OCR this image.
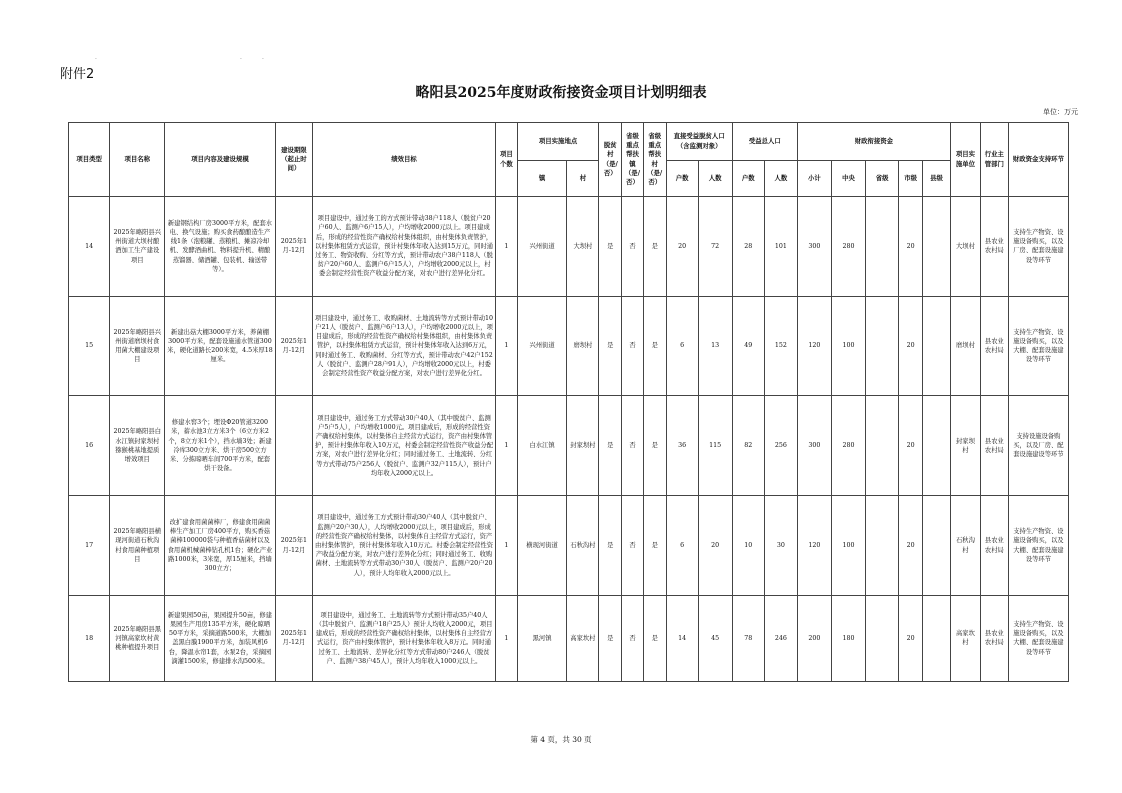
·	·	·
附件2
略阳县2025年度财政衔接资金项目计划明细表
单位：万元
项目类型	项目名称	项目内容及建设规模	建设期限（起止时间）	绩效目标	项目个数	项目实施地点		脱贫村（是/否）	省级重点帮扶镇（是/否）	省级重点帮扶村（是/否）	直接受益脱贫人口（含监测对象）		受益总人口		财政衔接资金					项目实施单位	行业主管部门	财政资金支持环节
						镇	村				户数	人数	户数	人数	小计	中央	省级	市级	县级			
14	2025年略阳县兴州街道大坝村酿酒加工生产建设项目	新建钢结构厂房3000平方米，配套水电、换气设施；购买食药酿酿造生产线1条（泡粮罐、蒸粮机、摊凉冷却机、发酵酒曲机、物料提升机、精酿蒸馏器、储酒罐、包装机、输送带等）。	2025年1月-12月	项目建设中，通过务工的方式预计带动38户118人（脱贫户20户60人、监测户6户15人），户均增收2000元以上。项目建成后，形成的经营性资产确权给村集体组织，由村集体负责管护，以村集体租赁方式运营，预计村集体年收入达到15万元，同时通过务工、物资收购、分红等方式，预计带动农户38户118人（脱贫户20户60人、监测户6户15人），户均增收2000元以上，村委会制定经营性资产收益分配方案，对农户进行差异化分红。	1	兴州街道	大坝村	是	否	是	20	72	28	101	300	280		20		大坝村	县农业农村局	支持生产物资、设施设备购买，以及厂房、配套设施建设等环节
15	2025年略阳县兴州街道磨坝村食用菌大棚建设项目	新建出菇大棚3000平方米，养菌棚3000平方米，配套设施通水管道300米，硬化道路长200米宽，4.5米厚18厘米。	2025年1月-12月	项目建设中，通过务工、收购菌材、土地流转等方式预计带动10户21人（脱贫户、监测户6户13人），户均增收2000元以上，项目建成后，形成的经营性资产确权给村集体组织，由村集体负责管护，以村集体租赁方式运营，预计村集体年收入达到6万元，同时通过务工、收购菌材、分红等方式，预计带动农户42户152人（脱贫户、监测户28户91人），户均增收2000元以上，村委会制定经营性资产收益分配方案，对农户进行差异化分红。	1	兴州街道	磨坝村	是	否	是	6	13	49	152	120	100		20		磨坝村	县农业农村局	支持生产物资、设施设备购买，以及大棚、配套设施建设等环节
16	2025年略阳县白水江镇封家坝村猕猴桃基地提质增效项目	修建水窖3个；埋设Φ20管道3200米，蓄水池3立方米3个（6立方米2个，8立方米1个），挡水墙3处；新建冷库300立方米、烘干房500立方米、分拣晾晒车间700平方米，配套烘干设备。		项目建设中，通过务工方式带动30户40人（其中脱贫户、监测户5户5人），户均增收1000元。项目建成后，形成的经营性资产确权给村集体，以村集体自主经营方式运行，资产由村集体管护，预计村集体年收入10万元，村委会制定经营性资产收益分配方案，对农户进行差异化分红；同时通过务工、土地流转、分红等方式带动75户256人（脱贫户、监测户32户115人），预计户均年收入2000元以上。	1	白水江镇	封家坝村	是	否	是	36	115	82	256	300	280		20		封家坝村	县农业农村局	支持设施设备购买，以及厂房、配套设施建设等环节
17	2025年略阳县横现河街道石秋沟村食用菌种植项目	改扩建食用菌菌棒厂，修建食用菌菌棒生产加工厂房400平方，购买香菇菌棒100000袋与种植香菇菌材以及食用菌机械菌棒钻孔机1台；硬化产业路1000米，3米宽，厚15厘米，挡墙300立方；	2025年1月-12月	项目建设中，通过务工方式预计带动30户40人（其中脱贫户、监测户20户30人），人均增收2000元以上，项目建成后，形成的经营性资产确权给村集体，以村集体自主经营方式运行，资产由村集体管护，预计村集体年收入10万元。村委会制定经营性资产收益分配方案，对农户进行差异化分红；同时通过务工、收购菌材、土地流转等方式带动30户30人（脱贫户、监测户20户20人），预计人均年收入2000元以上。	1	横现河街道	石秋沟村	是	否	是	6	20	10	30	120	100		20		石秋沟村	县农业农村局	支持生产物资、设施设备购买，以及大棚、配套设施建设等环节
18	2025年略阳县黑河镇高家坎村黄桃种植提升项目	新建果园50亩，果园提升50亩，修建果园生产用房135平方米，硬化晾晒50平方米，采摘道路500米，大棚加盖黑白膜1900平方米，加装风机6台，降温水帘1套，水泵2台，采摘园滴灌1500米，修建排水沟500米。	2025年1月-12月	项目建设中，通过务工、土地流转等方式预计带动35户40人（其中脱贫户、监测户18户25人）预计人均收入2000元，项目建成后，形成的经营性资产确权给村集体，以村集体自主经营方式运行，资产由村集体管护，预计村集体年收入8万元。同时通过务工、土地流转、差异化分红等方式带动80户246人（脱贫户、监测户38户45人），预计人均年收入1000元以上。	1	黑河镇	高家坎村	是	否	是	14	45	78	246	200	180		20		高家坎村	县农业农村局	支持生产物资、设施设备购买，以及大棚、配套设施建设等环节
第 4 页，共 30 页
